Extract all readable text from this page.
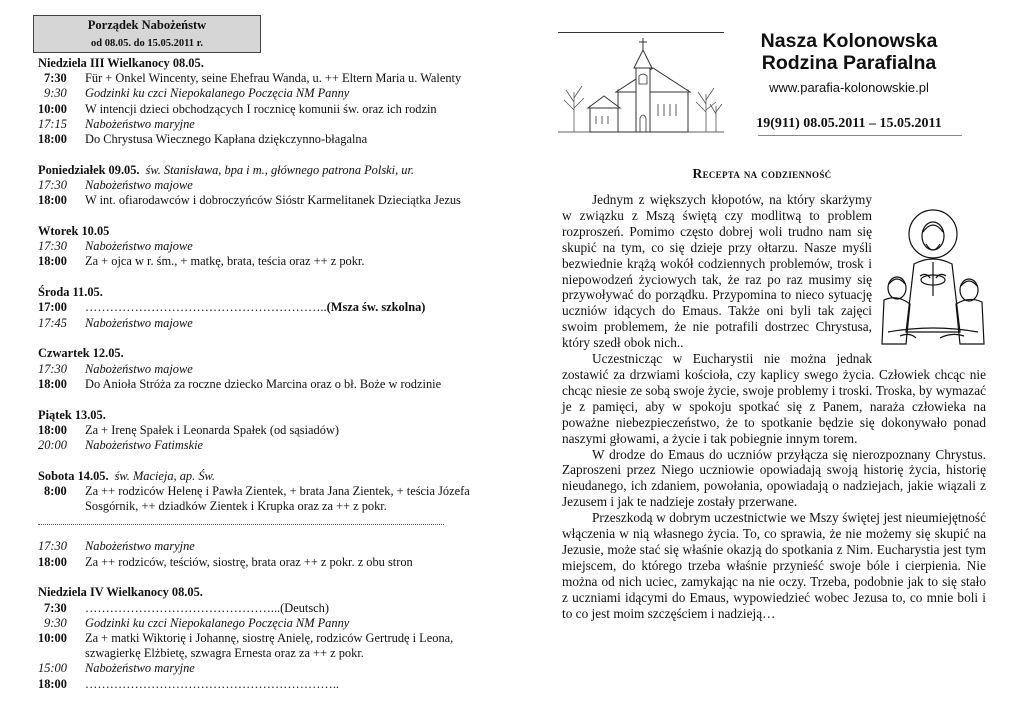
Porządek Nabożeństw
od 08.05. do 15.05.2011 r.
Niedziela III Wielkanocy 08.05.
7:30	Für + Onkel Wincenty, seine Ehefrau Wanda, u. ++ Eltern Maria u. Walenty
9:30	Godzinki ku czci Niepokalanego Poczęcia NM Panny
10:00	W intencji dzieci obchodzących I rocznicę komunii św. oraz ich rodzin
17:15	Nabożeństwo maryjne
18:00	Do Chrystusa Wiecznego Kapłana dziękczynno-błagalna
Poniedziałek 09.05. św. Stanisława, bpa i m., głównego patrona Polski, ur.
17:30	Nabożeństwo majowe
18:00	W int. ofiarodawców i dobroczyńców Sióstr Karmelitanek Dzieciątka Jezus
Wtorek 10.05
17:30	Nabożeństwo majowe
18:00	Za + ojca w r. śm., + matkę, brata, teścia oraz ++ z pokr.
Środa 11.05.
17:00	…………………………………………………..(Msza św. szkolna)
17:45	Nabożeństwo majowe
Czwartek 12.05.
17:30	Nabożeństwo majowe
18:00	Do Anioła Stróża za roczne dziecko Marcina oraz o bł. Boże w rodzinie
Piątek 13.05.
18:00	Za + Irenę Spałek i Leonarda Spałek (od sąsiadów)
20:00	Nabożeństwo Fatimskie
Sobota 14.05. św. Macieja, ap. Św.
8:00	Za ++ rodziców Helenę i Pawła Zientek, + brata Jana Zientek, + teścia Józefa Sosgórnik, ++ dziadków Zientek i Krupka oraz za ++ z pokr.
17:30	Nabożeństwo maryjne
18:00	Za ++ rodziców, teściów, siostrę, brata oraz ++ z pokr. z obu stron
Niedziela IV Wielkanocy 08.05.
7:30	………………………………………...(Deutsch)
9:30	Godzinki ku czci Niepokalanego Poczęcia NM Panny
10:00	Za + matki Wiktorię i Johannę, siostrę Anielę, rodziców Gertrudę i Leona, szwagierkę Elżbietę, szwagra Ernesta oraz za ++ z pokr.
15:00	Nabożeństwo maryjne
18:00	……………………………………………………..
Nasza Kolonowska
Rodzina Parafialna
www.parafia-kolonowskie.pl
19(911) 08.05.2011 – 15.05.2011
Recepta na codzienność

Jednym z większych kłopotów, na który skarżymy w związku z Mszą świętą czy modlitwą to problem rozproszeń. Pomimo często dobrej woli trudno nam się skupić na tym, co się dzieje przy ołtarzu. Nasze myśli bezwiednie krążą wokół codziennych problemów, trosk i niepowodzeń życiowych tak, że raz po raz musimy się przywoływać do porządku. Przypomina to nieco sytuację uczniów idących do Emaus. Także oni byli tak zajęci swoim problemem, że nie potrafili dostrzec Chrystusa, który szedł obok nich..

Uczestnicząc w Eucharystii nie można jednak zostawić za drzwiami kościoła, czy kaplicy swego życia. Człowiek chcąc nie chcąc niesie ze sobą swoje życie, swoje problemy i troski. Troska, by wymazać je z pamięci, aby w spokoju spotkać się z Panem, naraża człowieka na poważne niebezpieczeństwo, że to spotkanie będzie się dokonywało ponad naszymi głowami, a życie i tak pobiegnie innym torem.

W drodze do Emaus do uczniów przyłącza się nierozpoznany Chrystus. Zaproszeni przez Niego uczniowie opowiadają swoją historię życia, historię nieudanego, ich zdaniem, powołania, opowiadają o nadziejach, jakie wiązali z Jezusem i jak te nadzieje zostały przerwane.

Przeszkodą w dobrym uczestnictwie we Mszy świętej jest nieumiejętność włączenia w nią własnego życia. To, co sprawia, że nie możemy się skupić na Jezusie, może stać się właśnie okazją do spotkania z Nim. Eucharystia jest tym miejscem, do którego trzeba właśnie przynieść swoje bóle i cierpienia. Nie można od nich uciec, zamykając na nie oczy. Trzeba, podobnie jak to się stało z uczniami idącymi do Emaus, wypowiedzieć wobec Jezusa to, co mnie boli i to co jest moim szczęściem i nadzieją…
